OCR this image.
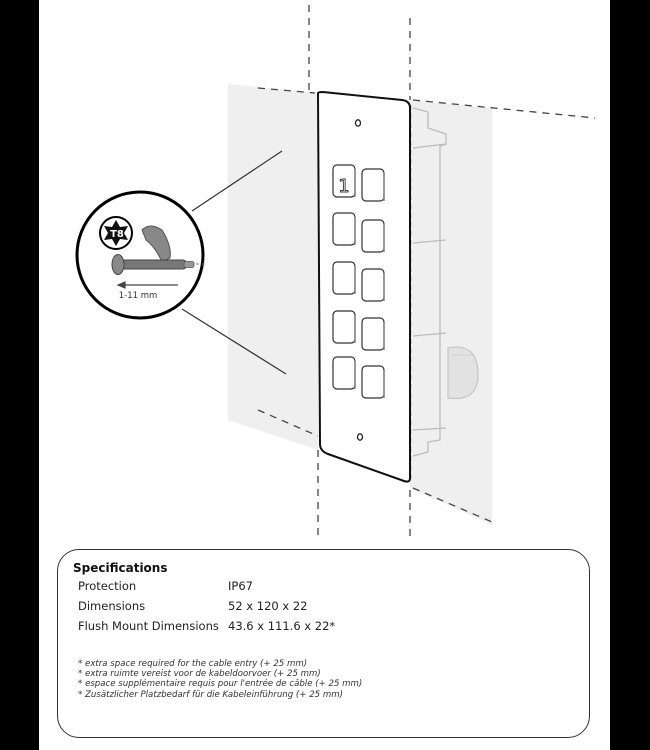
1
T8
1-11 mm
Specifications
Protection	IP67
Dimensions	52 x 120 x 22
Flush Mount Dimensions 43.6 x 111.6 x 22*
* extra space required for the cable entry (+ 25 mm)
* extra ruimte vereist voor de kabeldoorvoer (+ 25 mm)
* espace supplémentaire requis pour l'entrée de câble (+ 25 mm)
* Zusätzlicher Platzbedarf für die Kabeleinführung (+ 25 mm)
